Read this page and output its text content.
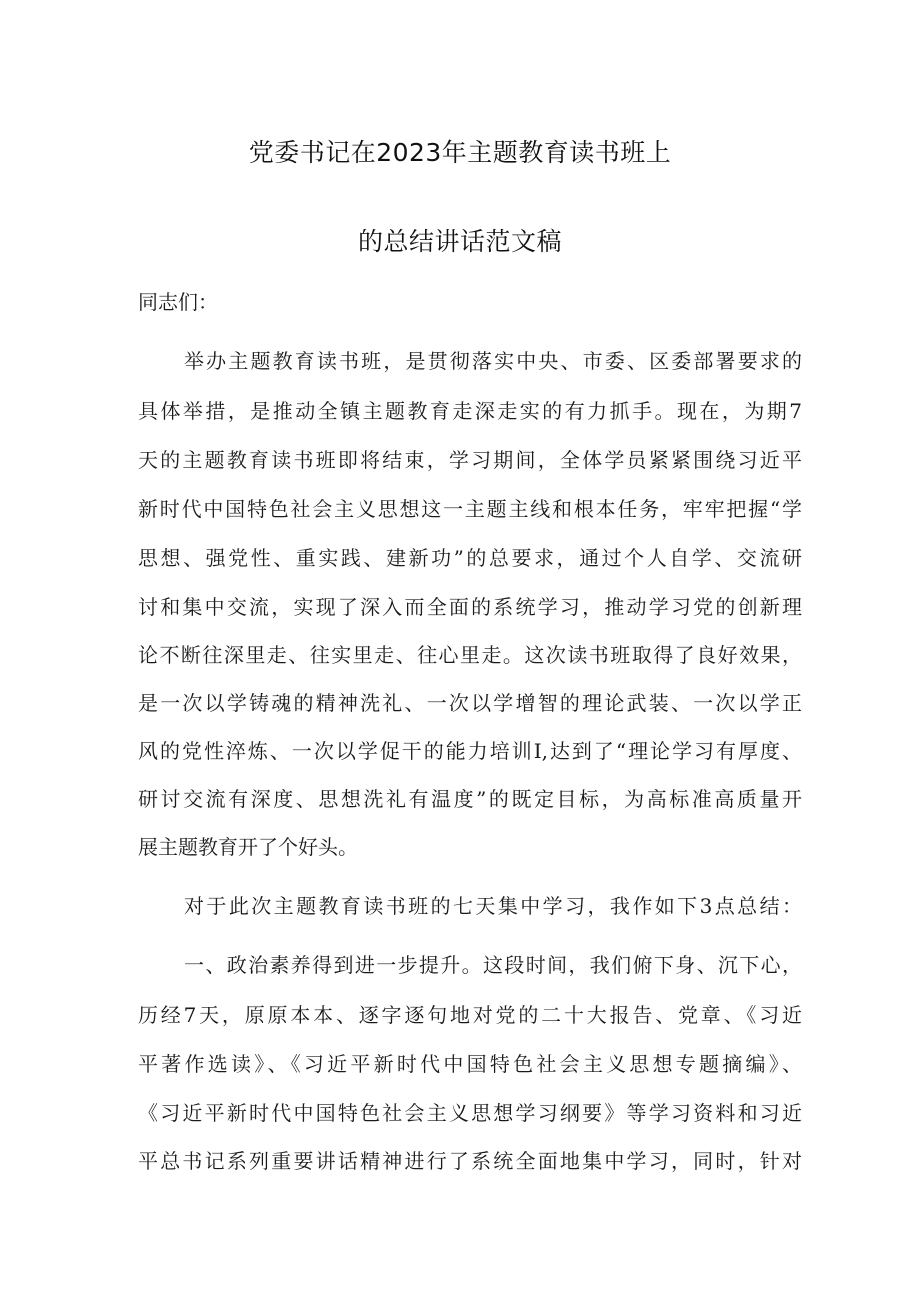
党委书记在2023年主题教育读书班上
的总结讲话范文稿
同志们：
举办主题教育读书班，是贯彻落实中央、市委、区委部署要求的
具体举措，是推动全镇主题教育走深走实的有力抓手。现在，为期7
天的主题教育读书班即将结束，学习期间，全体学员紧紧围绕习近平
新时代中国特色社会主义思想这一主题主线和根本任务，牢牢把握“学
思想、强党性、重实践、建新功”的总要求，通过个人自学、交流研
讨和集中交流，实现了深入而全面的系统学习，推动学习党的创新理
论不断往深里走、往实里走、往心里走。这次读书班取得了良好效果，
是一次以学铸魂的精神洗礼、一次以学增智的理论武装、一次以学正
风的党性淬炼、一次以学促干的能力培训I,达到了“理论学习有厚度、
研讨交流有深度、思想洗礼有温度”的既定目标，为高标准高质量开
展主题教育开了个好头。
对于此次主题教育读书班的七天集中学习，我作如下3点总结：
一、政治素养得到进一步提升。这段时间，我们俯下身、沉下心，
历经7天，原原本本、逐字逐句地对党的二十大报告、党章、《习近
平著作选读》、《习近平新时代中国特色社会主义思想专题摘编》、
《习近平新时代中国特色社会主义思想学习纲要》等学习资料和习近
平总书记系列重要讲话精神进行了系统全面地集中学习，同时，针对
